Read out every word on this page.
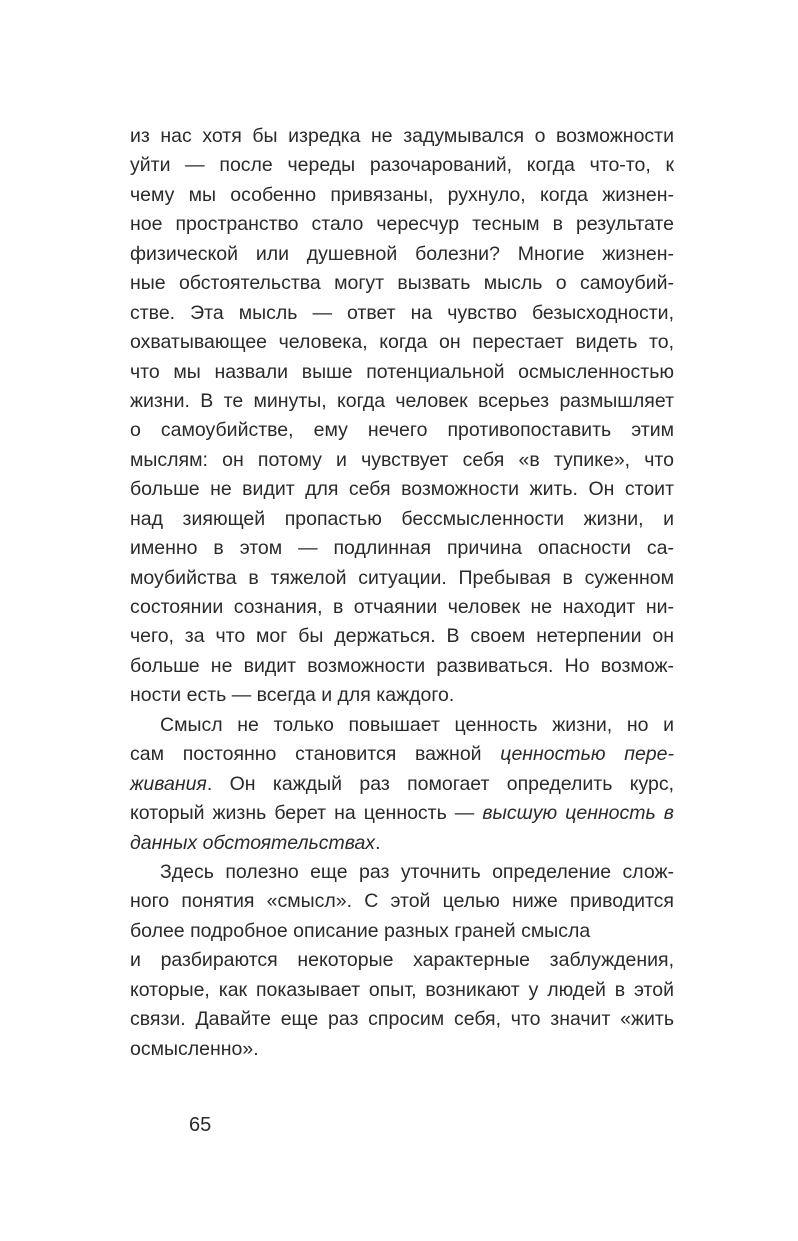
из нас хотя бы изредка не задумывался о возможности
уйти — после череды разочарований, когда что-то, к
чему мы особенно привязаны, рухнуло, когда жизнен-
ное пространство стало чересчур тесным в результате
физической или душевной болезни? Многие жизнен-
ные обстоятельства могут вызвать мысль о самоубий-
стве. Эта мысль — ответ на чувство безысходности,
охватывающее человека, когда он перестает видеть то,
что мы назвали выше потенциальной осмысленностью
жизни. В те минуты, когда человек всерьез размышляет
о самоубийстве, ему нечего противопоставить этим
мыслям: он потому и чувствует себя «в тупике», что
больше не видит для себя возможности жить. Он стоит
над зияющей пропастью бессмысленности жизни, и
именно в этом — подлинная причина опасности са-
моубийства в тяжелой ситуации. Пребывая в суженном
состоянии сознания, в отчаянии человек не находит ни-
чего, за что мог бы держаться. В своем нетерпении он
больше не видит возможности развиваться. Но возмож-
ности есть — всегда и для каждого.
Смысл не только повышает ценность жизни, но и
сам постоянно становится важной ценностью пере-
живания. Он каждый раз помогает определить курс,
который жизнь берет на ценность — высшую ценность в
данных обстоятельствах.
Здесь полезно еще раз уточнить определение слож-
ного понятия «смысл». С этой целью ниже приводится
более подробное описание разных граней смысла
и разбираются некоторые характерные заблуждения,
которые, как показывает опыт, возникают у людей в этой
связи. Давайте еще раз спросим себя, что значит «жить
осмысленно».
65
